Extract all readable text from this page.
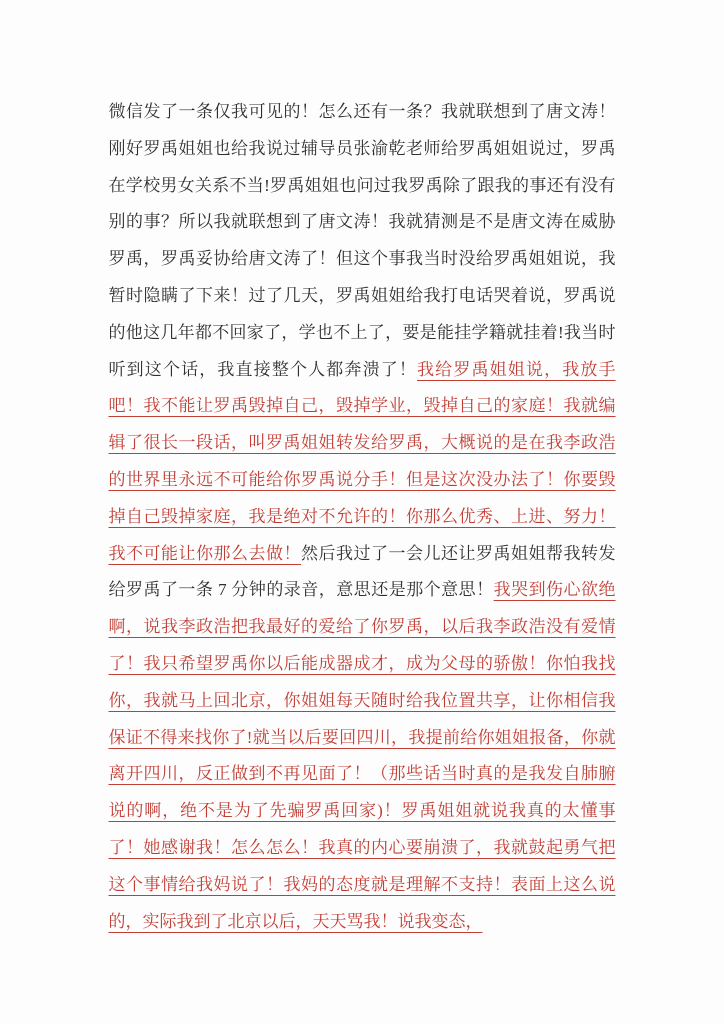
微信发了一条仅我可见的！怎么还有一条？我就联想到了唐文涛！刚好罗禹姐姐也给我说过辅导员张渝乾老师给罗禹姐姐说过，罗禹在学校男女关系不当!罗禹姐姐也问过我罗禹除了跟我的事还有没有别的事？所以我就联想到了唐文涛！我就猜测是不是唐文涛在威胁罗禹，罗禹妥协给唐文涛了！但这个事我当时没给罗禹姐姐说，我暂时隐瞒了下来！过了几天，罗禹姐姐给我打电话哭着说，罗禹说的他这几年都不回家了，学也不上了，要是能挂学籍就挂着!我当时听到这个话，我直接整个人都奔溃了！我给罗禹姐姐说，我放手吧！我不能让罗禹毁掉自己，毁掉学业，毁掉自己的家庭！我就编辑了很长一段话，叫罗禹姐姐转发给罗禹，大概说的是在我李政浩的世界里永远不可能给你罗禹说分手！但是这次没办法了！你要毁掉自己毁掉家庭，我是绝对不允许的！你那么优秀、上进、努力！我不可能让你那么去做！然后我过了一会儿还让罗禹姐姐帮我转发给罗禹了一条 7 分钟的录音，意思还是那个意思！我哭到伤心欲绝啊，说我李政浩把我最好的爱给了你罗禹，以后我李政浩没有爱情了！我只希望罗禹你以后能成器成才，成为父母的骄傲！你怕我找你，我就马上回北京，你姐姐每天随时给我位置共享，让你相信我保证不得来找你了!就当以后要回四川，我提前给你姐姐报备，你就离开四川，反正做到不再见面了！（那些话当时真的是我发自肺腑说的啊，绝不是为了先骗罗禹回家)！罗禹姐姐就说我真的太懂事了！她感谢我！怎么怎么！我真的内心要崩溃了，我就鼓起勇气把这个事情给我妈说了！我妈的态度就是理解不支持！表面上这么说的，实际我到了北京以后，天天骂我！说我变态，
